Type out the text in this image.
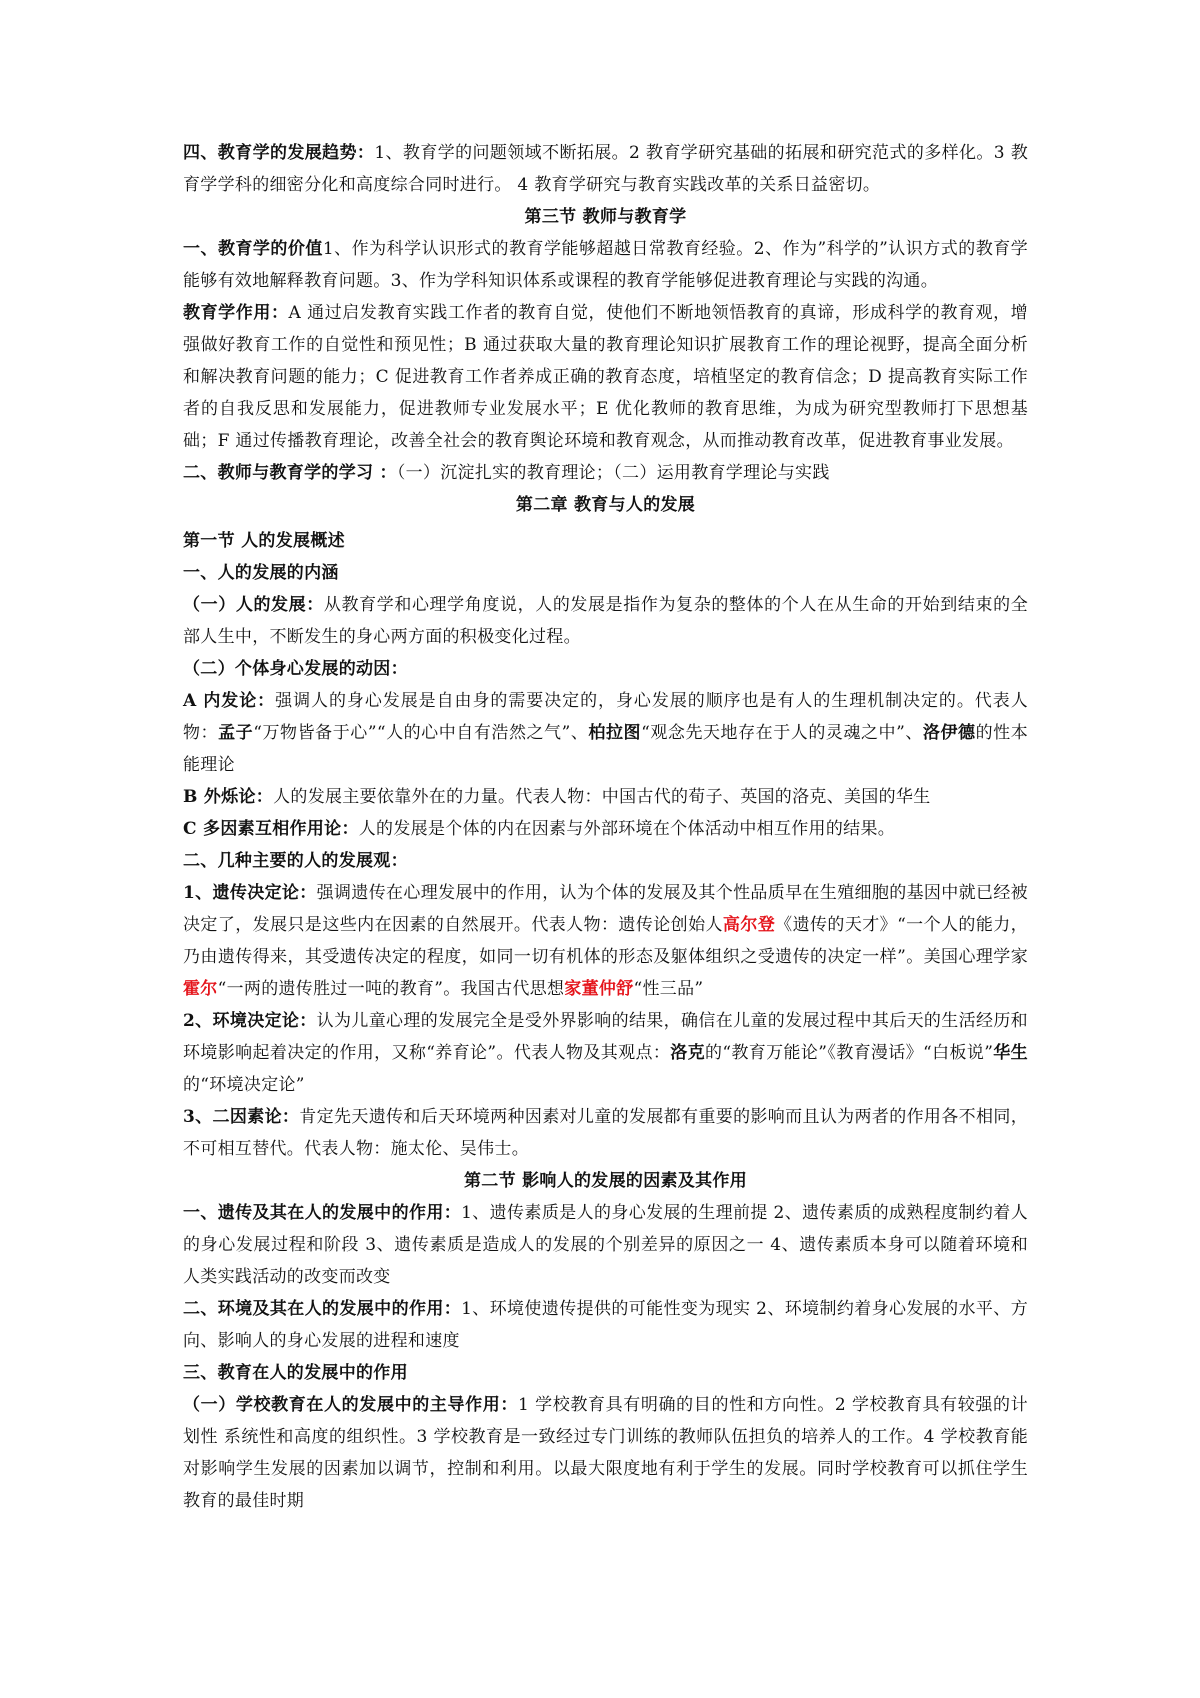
四、教育学的发展趋势：1、教育学的问题领域不断拓展。2 教育学研究基础的拓展和研究范式的多样化。3 教育学学科的细密分化和高度综合同时进行。 4 教育学研究与教育实践改革的关系日益密切。

第三节 教师与教育学

一、教育学的价值1、作为科学认识形式的教育学能够超越日常教育经验。2、作为”科学的”认识方式的教育学能够有效地解释教育问题。3、作为学科知识体系或课程的教育学能够促进教育理论与实践的沟通。

教育学作用：A 通过启发教育实践工作者的教育自觉，使他们不断地领悟教育的真谛，形成科学的教育观，增强做好教育工作的自觉性和预见性；B 通过获取大量的教育理论知识扩展教育工作的理论视野，提高全面分析和解决教育问题的能力；C 促进教育工作者养成正确的教育态度，培植坚定的教育信念；D 提高教育实际工作者的自我反思和发展能力，促进教师专业发展水平；E 优化教师的教育思维，为成为研究型教师打下思想基础；F 通过传播教育理论，改善全社会的教育舆论环境和教育观念，从而推动教育改革，促进教育事业发展。

二、教师与教育学的学习 ：（一）沉淀扎实的教育理论；（二）运用教育学理论与实践

第二章 教育与人的发展

第一节 人的发展概述

一、人的发展的内涵

（一）人的发展：从教育学和心理学角度说，人的发展是指作为复杂的整体的个人在从生命的开始到结束的全部人生中，不断发生的身心两方面的积极变化过程。

（二）个体身心发展的动因：

A 内发论：强调人的身心发展是自由身的需要决定的，身心发展的顺序也是有人的生理机制决定的。代表人物：孟子“万物皆备于心”“人的心中自有浩然之气”、柏拉图“观念先天地存在于人的灵魂之中”、洛伊德的性本能理论

B 外烁论：人的发展主要依靠外在的力量。代表人物：中国古代的荀子、英国的洛克、美国的华生

C 多因素互相作用论：人的发展是个体的内在因素与外部环境在个体活动中相互作用的结果。

二、几种主要的人的发展观：

1、遗传决定论：强调遗传在心理发展中的作用，认为个体的发展及其个性品质早在生殖细胞的基因中就已经被决定了，发展只是这些内在因素的自然展开。代表人物：遗传论创始人高尔登《遗传的天才》“一个人的能力，乃由遗传得来，其受遗传决定的程度，如同一切有机体的形态及躯体组织之受遗传的决定一样”。美国心理学家霍尔“一两的遗传胜过一吨的教育”。我国古代思想家董仲舒“性三品”

2、环境决定论：认为儿童心理的发展完全是受外界影响的结果，确信在儿童的发展过程中其后天的生活经历和环境影响起着决定的作用，又称“养育论”。代表人物及其观点：洛克的“教育万能论”《教育漫话》“白板说”华生的“环境决定论”

3、二因素论：肯定先天遗传和后天环境两种因素对儿童的发展都有重要的影响而且认为两者的作用各不相同，不可相互替代。代表人物：施太伦、吴伟士。

第二节 影响人的发展的因素及其作用

一、遗传及其在人的发展中的作用：1、遗传素质是人的身心发展的生理前提 2、遗传素质的成熟程度制约着人的身心发展过程和阶段 3、遗传素质是造成人的发展的个别差异的原因之一 4、遗传素质本身可以随着环境和人类实践活动的改变而改变

二、环境及其在人的发展中的作用：1、环境使遗传提供的可能性变为现实 2、环境制约着身心发展的水平、方向、影响人的身心发展的进程和速度

三、教育在人的发展中的作用

（一）学校教育在人的发展中的主导作用：1 学校教育具有明确的目的性和方向性。2 学校教育具有较强的计划性 系统性和高度的组织性。3 学校教育是一致经过专门训练的教师队伍担负的培养人的工作。4 学校教育能对影响学生发展的因素加以调节，控制和利用。以最大限度地有利于学生的发展。同时学校教育可以抓住学生教育的最佳时期
